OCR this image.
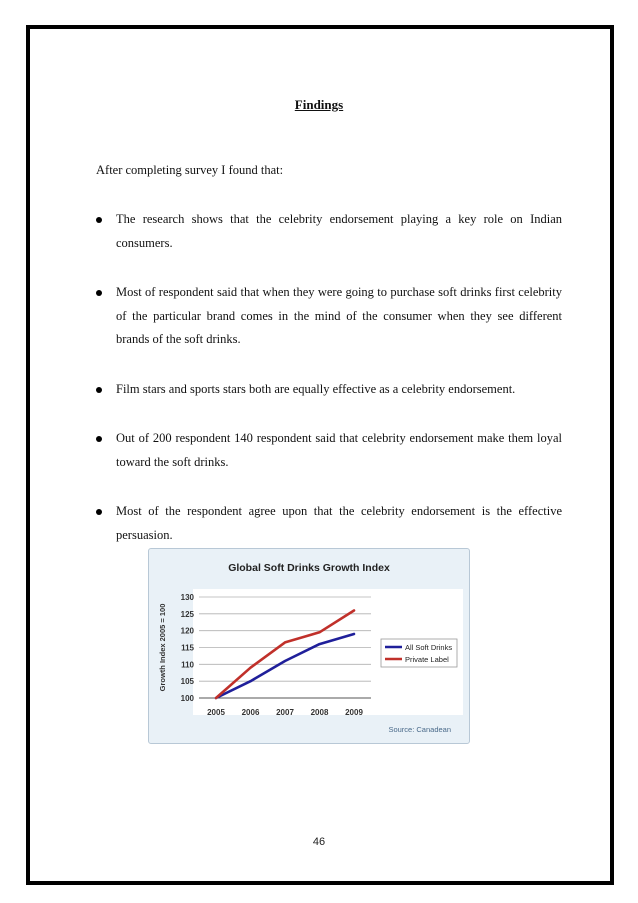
Findings
After completing survey I found that:
The research shows that the celebrity endorsement playing a key role on Indian consumers.
Most of respondent said that when they were going to purchase soft drinks first celebrity of the particular brand comes in the mind of the consumer when they see different brands of the soft drinks.
Film stars and sports stars both are equally effective as a celebrity endorsement.
Out of 200 respondent 140 respondent said that celebrity endorsement make them loyal toward the soft drinks.
Most of the respondent agree upon that the celebrity endorsement is the effective persuasion.
Global Soft Drinks Growth Index
100
105
110
115
120
125
130
2005 2006 2007 2008 2009
Growth Index 2005 = 100	All Soft Drinks
Private Label
Source: Canadean
46
